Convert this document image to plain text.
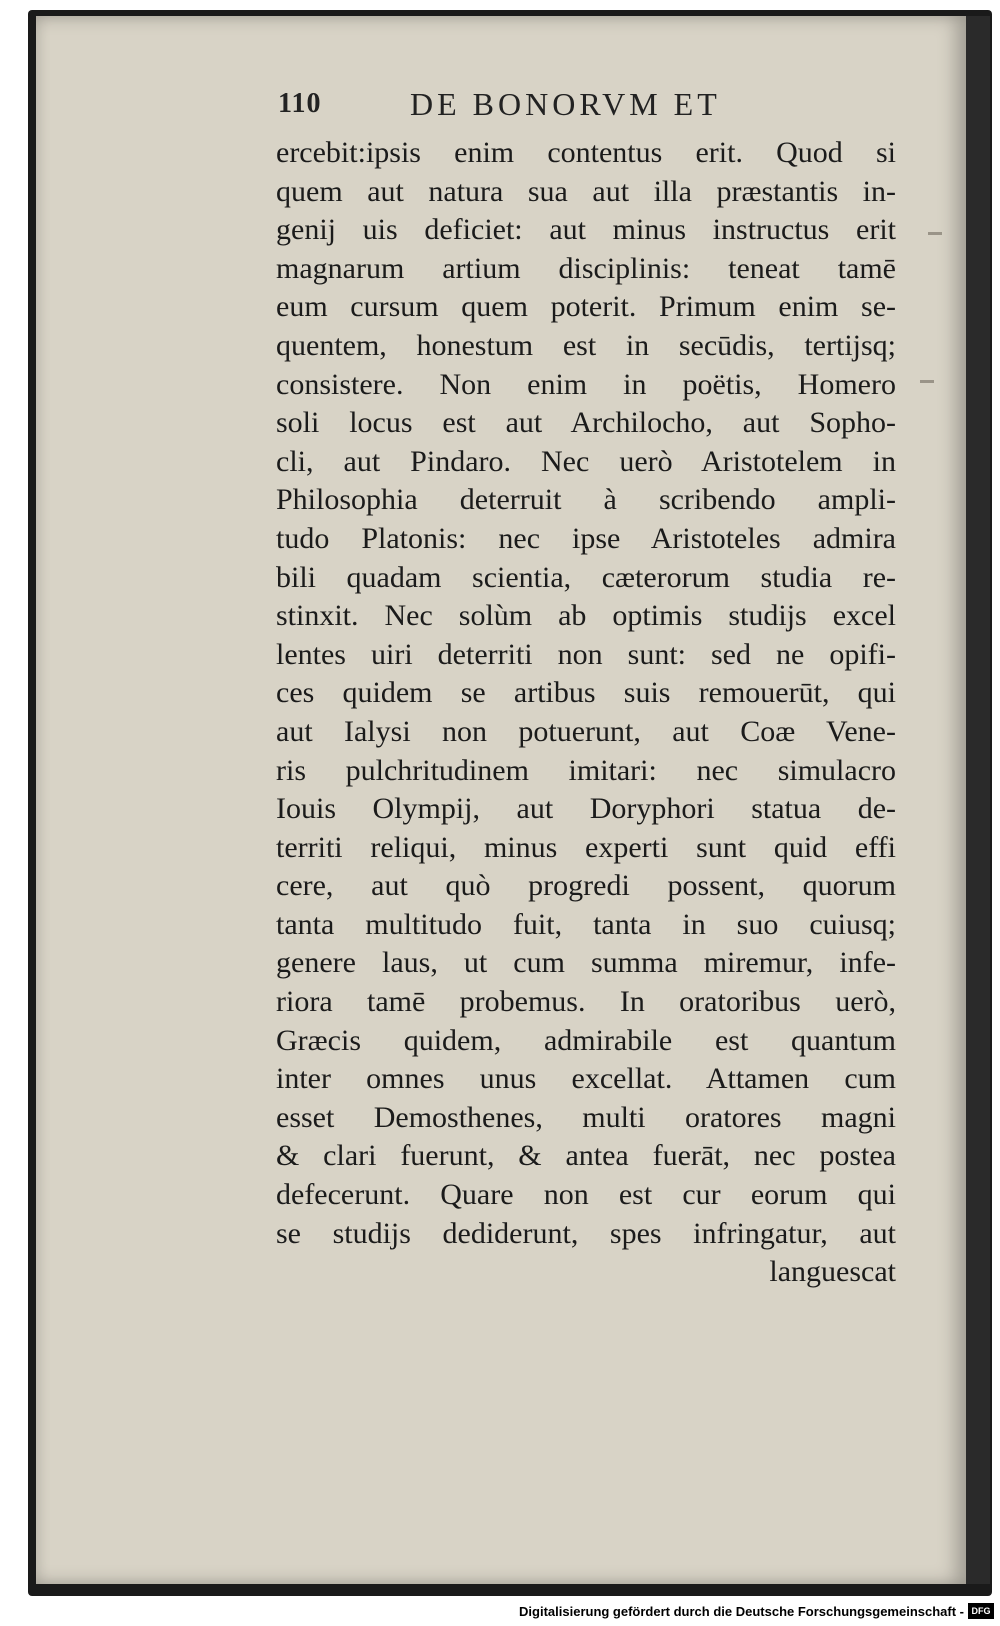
110	DE BONORVM ET
ercebit:ipsis enim contentus erit. Quod si
quem aut natura sua aut illa præstantis in-
genij uis deficiet: aut minus instructus erit
magnarum artium disciplinis: teneat tamē
eum cursum quem poterit. Primum enim se-
quentem, honestum est in secūdis, tertijsq;
consistere. Non enim in poëtis, Homero
soli locus est aut Archilocho, aut Sopho-
cli, aut Pindaro. Nec uerò Aristotelem in
Philosophia deterruit à scribendo ampli-
tudo Platonis: nec ipse Aristoteles admira
bili quadam scientia, cæterorum studia re-
stinxit. Nec solùm ab optimis studijs excel
lentes uiri deterriti non sunt: sed ne opifi-
ces quidem se artibus suis remouerūt, qui
aut Ialysi non potuerunt, aut Coæ Vene-
ris pulchritudinem imitari: nec simulacro
Iouis Olympij, aut Doryphori statua de-
territi reliqui, minus experti sunt quid effi
cere, aut quò progredi possent, quorum
tanta multitudo fuit, tanta in suo cuiusq;
genere laus, ut cum summa miremur, infe-
riora tamē probemus. In oratoribus uerò,
Græcis quidem, admirabile est quantum
inter omnes unus excellat. Attamen cum
esset Demosthenes, multi oratores magni
& clari fuerunt, & antea fuerāt, nec postea
defecerunt. Quare non est cur eorum qui
se studijs dediderunt, spes infringatur, aut
languescat
Digitalisierung gefördert durch die Deutsche Forschungsgemeinschaft - DFG
